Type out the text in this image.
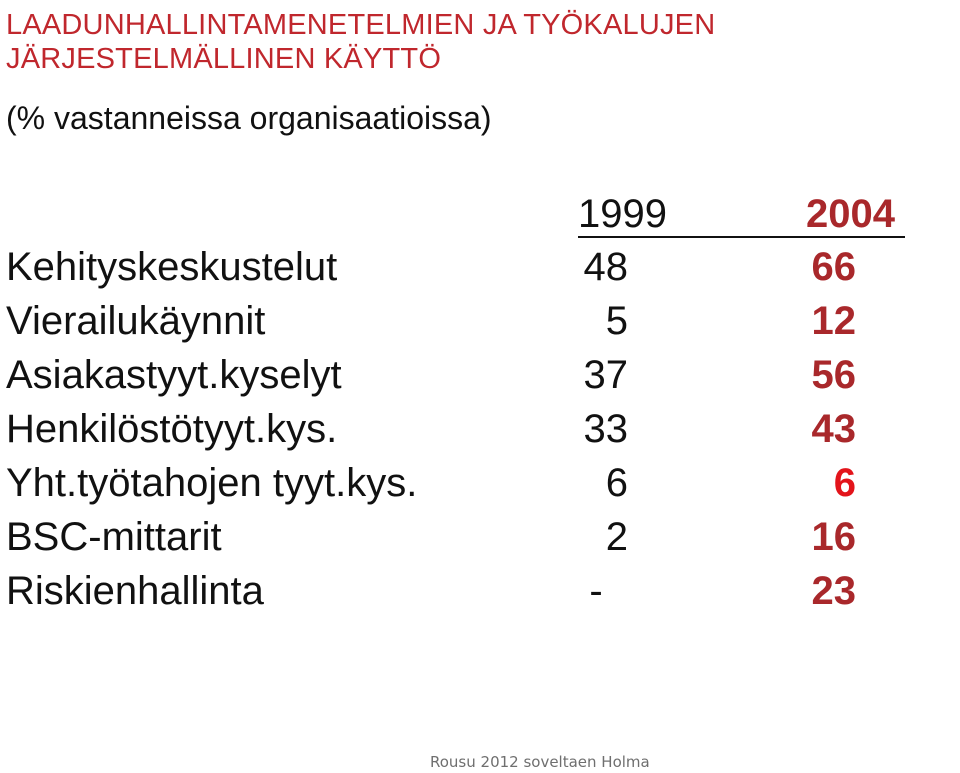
LAADUNHALLINTAMENETELMIEN JA TYÖKALUJEN
JÄRJESTELMÄLLINEN KÄYTTÖ

(% vastanneissa organisaatioissa)

1999	2004
Kehityskeskustelut	48	66
Vierailukäynnit	5	12
Asiakastyyt.kyselyt	37	56
Henkilöstötyyt.kys.	33	43
Yht.työtahojen tyyt.kys.	6	6
BSC-mittarit	2	16
Riskienhallinta	-	23
Rousu 2012 soveltaen Holma
